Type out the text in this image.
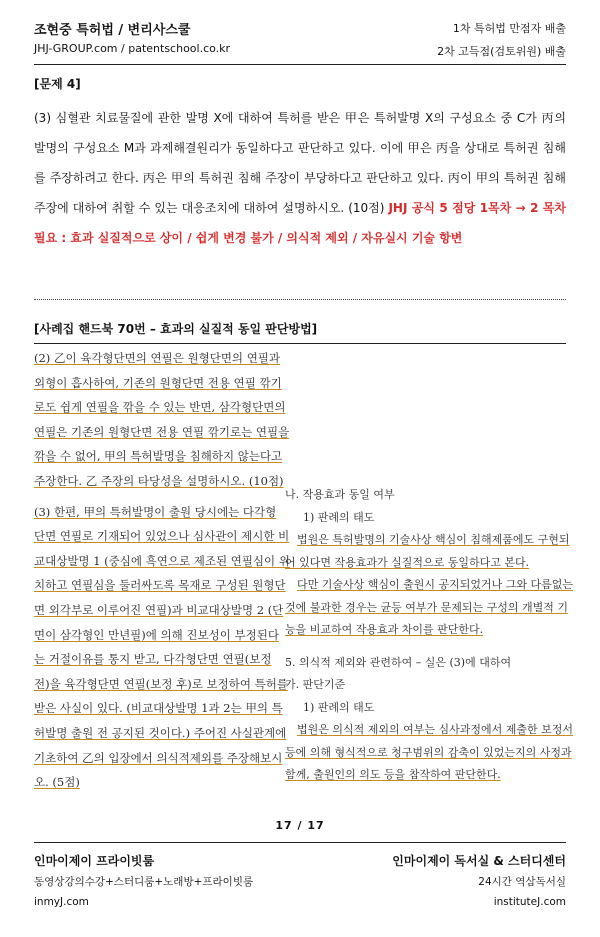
조현중 특허법 / 변리사스쿨
JHJ-GROUP.com / patentschool.co.kr
1차 특허법 만점자 배출
2차 고득점(검토위원) 배출
[문제 4]
(3) 심혈관 치료물질에 관한 발명 X에 대하여 특허를 받은 甲은 특허발명 X의 구성요소 중 C가 丙의 발명의 구성요소 M과 과제해결원리가 동일하다고 판단하고 있다. 이에 甲은 丙을 상대로 특허권 침해를 주장하려고 한다. 丙은 甲의 특허권 침해 주장이 부당하다고 판단하고 있다. 丙이 甲의 특허권 침해 주장에 대하여 취할 수 있는 대응조치에 대하여 설명하시오. (10점) JHJ 공식 5 점당 1목차 → 2 목차 필요 : 효과 실질적으로 상이 / 쉽게 변경 불가 / 의식적 제외 / 자유실시 기술 항변
[사례집 핸드북 70번 – 효과의 실질적 동일 판단방법]

(2) 乙이 육각형단면의 연필은 원형단면의 연필과 외형이 흡사하여, 기존의 원형단면 전용 연필 깎기로도 쉽게 연필을 깎을 수 있는 반면, 삼각형단면의 연필은 기존의 원형단면 전용 연필 깎기로는 연필을 깎을 수 없어, 甲의 특허발명을 침해하지 않는다고 주장한다. 乙 주장의 타당성을 설명하시오. (10점)

(3) 한편, 甲의 특허발명이 출원 당시에는 다각형 단면 연필로 기재되어 있었으나 심사관이 제시한 비교대상발명 1 (중심에 흑연으로 제조된 연필심이 위치하고 연필심을 둘러싸도록 목재로 구성된 원형단면 외각부로 이루어진 연필)과 비교대상발명 2 (단면이 삼각형인 만년필)에 의해 진보성이 부정된다는 거절이유를 통지 받고, 다각형단면 연필(보정 전)을 육각형단면 연필(보정 후)로 보정하여 특허를 받은 사실이 있다. (비교대상발명 1과 2는 甲의 특허발명 출원 전 공지된 것이다.) 주어진 사실관계에 기초하여 乙의 입장에서 의식적제외를 주장해보시오. (5점)

나. 작용효과 동일 여부

1) 판례의 태도

법원은 특허발명의 기술사상 핵심이 침해제품에도 구현되어 있다면 작용효과가 실질적으로 동일하다고 본다.

다만 기술사상 핵심이 출원시 공지되었거나 그와 다름없는 것에 불과한 경우는 균등 여부가 문제되는 구성의 개별적 기능을 비교하여 작용효과 차이를 판단한다.

5. 의식적 제외와 관련하여 – 실은 (3)에 대하여

가. 판단기준

1) 판례의 태도

법원은 의식적 제외의 여부는 심사과정에서 제출한 보정서 등에 의해 형식적으로 청구범위의 감축이 있었는지의 사정과 함께, 출원인의 의도 등을 참작하여 판단한다.

17 / 17
인마이제이 프라이빗룸
동영상강의수강+스터디룸+노래방+프라이빗룸
inmyJ.com
인마이제이 독서실 & 스터디센터
24시간 역삼독서실
instituteJ.com
